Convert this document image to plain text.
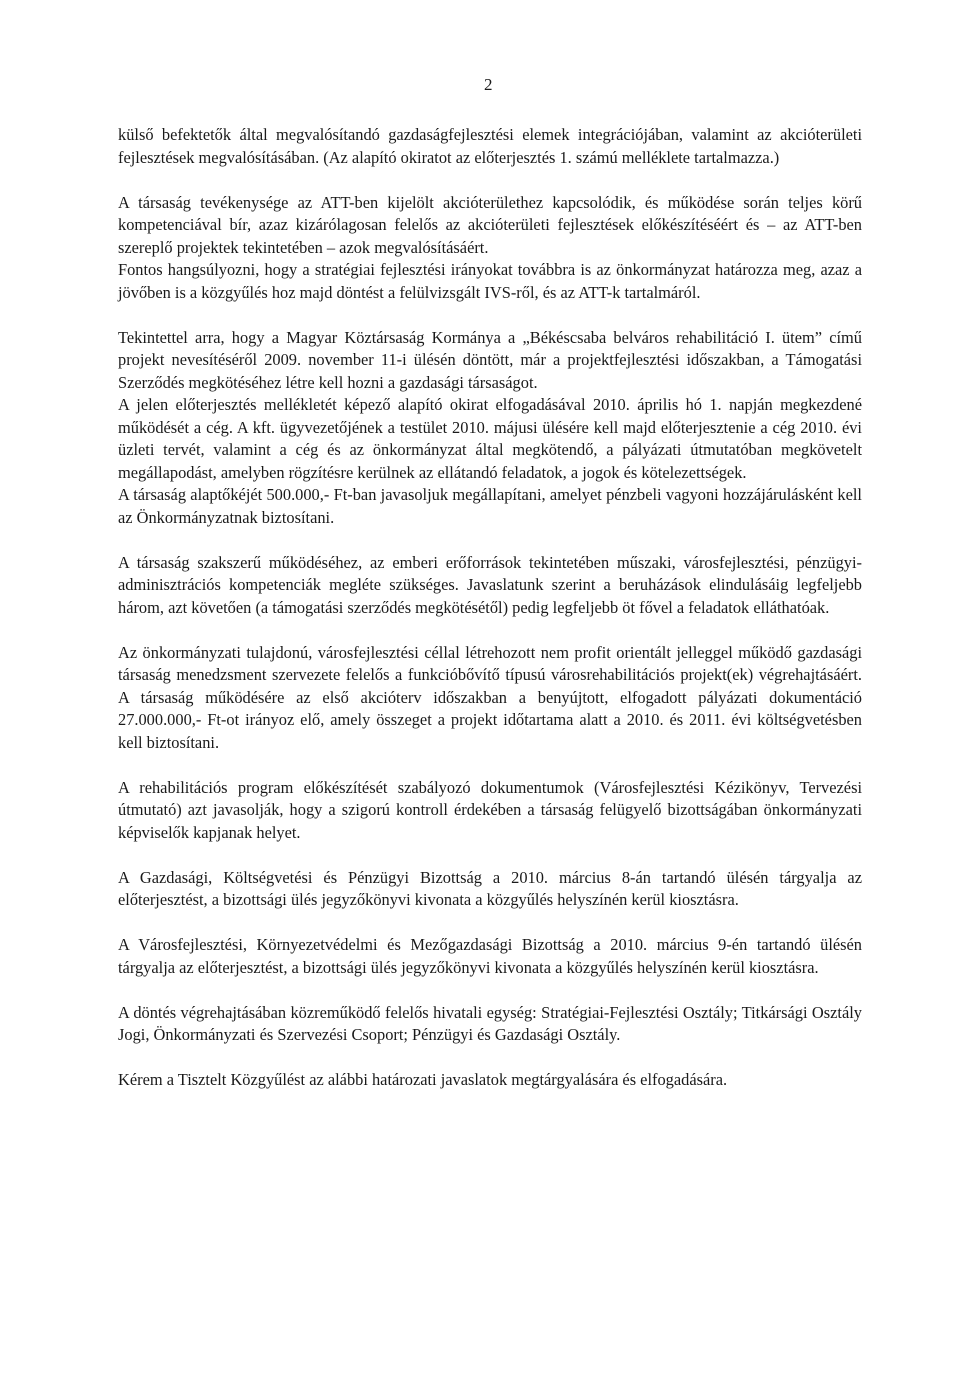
2

külső befektetők által megvalósítandó gazdaságfejlesztési elemek integrációjában, valamint az akcióterületi fejlesztések megvalósításában. (Az alapító okiratot az előterjesztés 1. számú melléklete tartalmazza.)

A társaság tevékenysége az ATT-ben kijelölt akcióterülethez kapcsolódik, és működése során teljes körű kompetenciával bír, azaz kizárólagosan felelős az akcióterületi fejlesztések előkészítéséért és – az ATT-ben szereplő projektek tekintetében – azok megvalósításáért.

Fontos hangsúlyozni, hogy a stratégiai fejlesztési irányokat továbbra is az önkormányzat határozza meg, azaz a jövőben is a közgyűlés hoz majd döntést a felülvizsgált IVS-ről, és az ATT-k tartalmáról.

Tekintettel arra, hogy a Magyar Köztársaság Kormánya a „Békéscsaba belváros rehabilitáció I. ütem” című projekt nevesítéséről 2009. november 11-i ülésén döntött, már a projektfejlesztési időszakban, a Támogatási Szerződés megkötéséhez létre kell hozni a gazdasági társaságot.

A jelen előterjesztés mellékletét képező alapító okirat elfogadásával 2010. április hó 1. napján megkezdené működését a cég. A kft. ügyvezetőjének a testület 2010. májusi ülésére kell majd előterjesztenie a cég 2010. évi üzleti tervét, valamint a cég és az önkormányzat által megkötendő, a pályázati útmutatóban megkövetelt megállapodást, amelyben rögzítésre kerülnek az ellátandó feladatok, a jogok és kötelezettségek.

A társaság alaptőkéjét 500.000,- Ft-ban javasoljuk megállapítani, amelyet pénzbeli vagyoni hozzájárulásként kell az Önkormányzatnak biztosítani.

A társaság szakszerű működéséhez, az emberi erőforrások tekintetében műszaki, városfejlesztési, pénzügyi-adminisztrációs kompetenciák megléte szükséges. Javaslatunk szerint a beruházások elindulásáig legfeljebb három, azt követően (a támogatási szerződés megkötésétől) pedig legfeljebb öt fővel a feladatok elláthatóak.

Az önkormányzati tulajdonú, városfejlesztési céllal létrehozott nem profit orientált jelleggel működő gazdasági társaság menedzsment szervezete felelős a funkcióbővítő típusú városrehabilitációs projekt(ek) végrehajtásáért. A társaság működésére az első akcióterv időszakban a benyújtott, elfogadott pályázati dokumentáció 27.000.000,- Ft-ot irányoz elő, amely összeget a projekt időtartama alatt a 2010. és 2011. évi költségvetésben kell biztosítani.

A rehabilitációs program előkészítését szabályozó dokumentumok (Városfejlesztési Kézikönyv, Tervezési útmutató) azt javasolják, hogy a szigorú kontroll érdekében a társaság felügyelő bizottságában önkormányzati képviselők kapjanak helyet.

A Gazdasági, Költségvetési és Pénzügyi Bizottság a 2010. március 8-án tartandó ülésén tárgyalja az előterjesztést, a bizottsági ülés jegyzőkönyvi kivonata a közgyűlés helyszínén kerül kiosztásra.

A Városfejlesztési, Környezetvédelmi és Mezőgazdasági Bizottság a 2010. március 9-én tartandó ülésén tárgyalja az előterjesztést, a bizottsági ülés jegyzőkönyvi kivonata a közgyűlés helyszínén kerül kiosztásra.

A döntés végrehajtásában közreműködő felelős hivatali egység: Stratégiai-Fejlesztési Osztály; Titkársági Osztály Jogi, Önkormányzati és Szervezési Csoport; Pénzügyi és Gazdasági Osztály.

Kérem a Tisztelt Közgyűlést az alábbi határozati javaslatok megtárgyalására és elfogadására.
